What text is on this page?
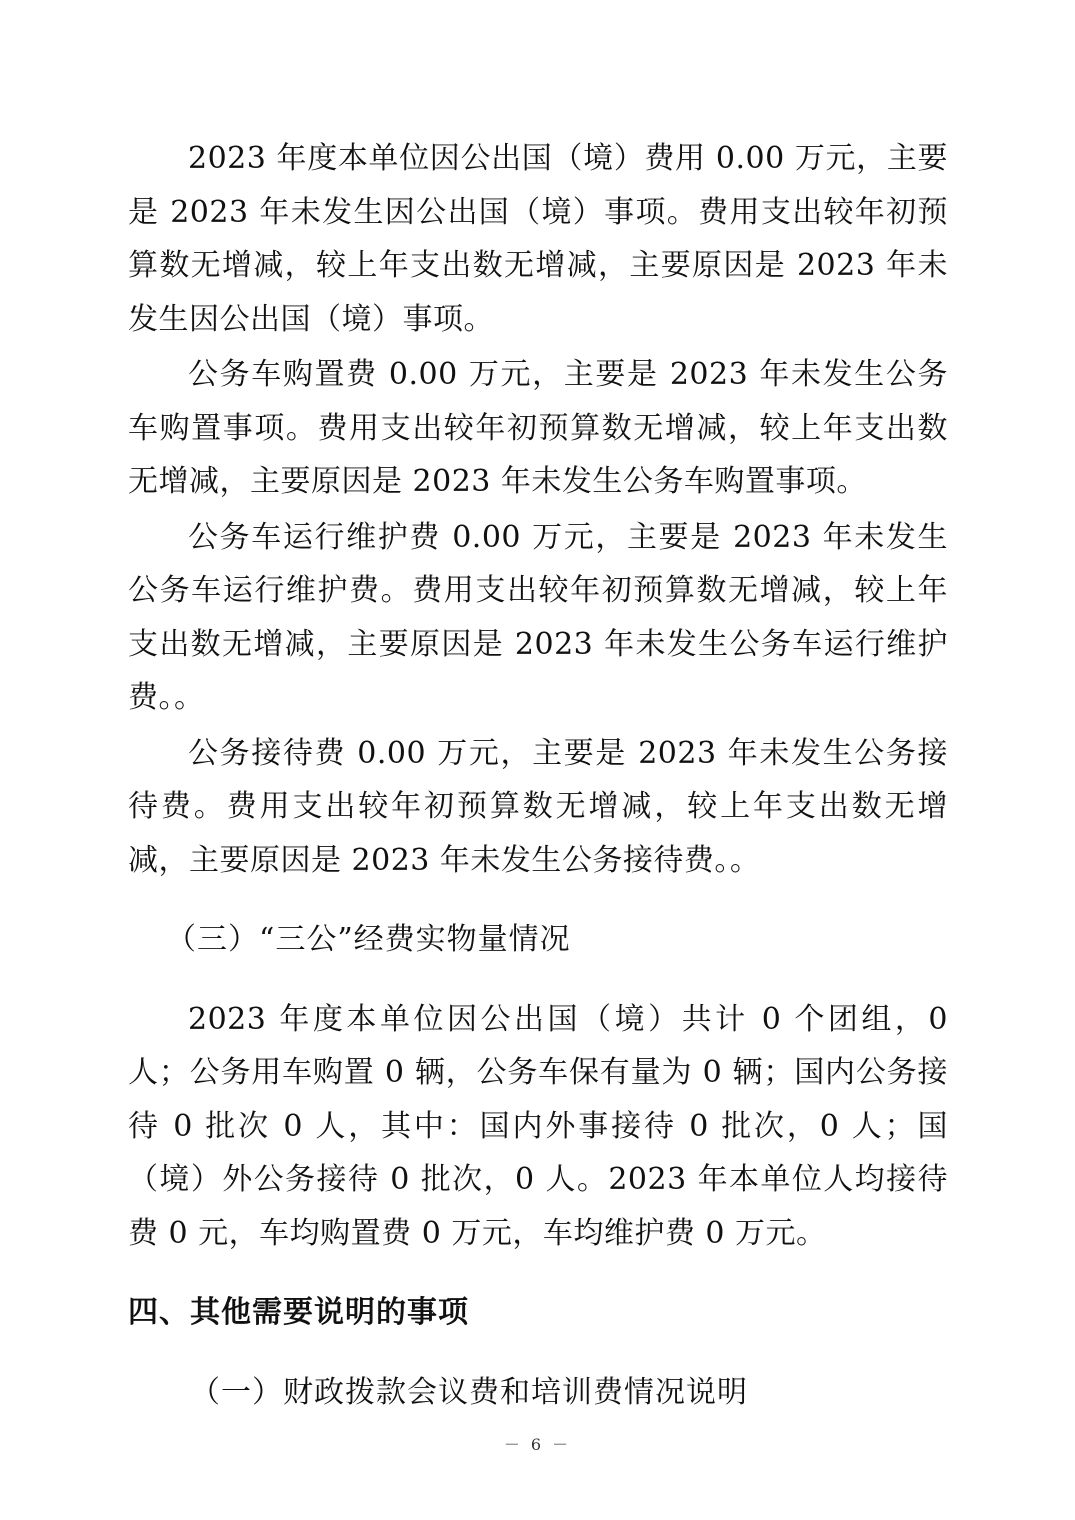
2023 年度本单位因公出国（境）费用 0.00 万元，主要是 2023 年未发生因公出国（境）事项。费用支出较年初预算数无增减，较上年支出数无增减，主要原因是 2023 年未发生因公出国（境）事项。

公务车购置费 0.00 万元，主要是 2023 年未发生公务车购置事项。费用支出较年初预算数无增减，较上年支出数无增减，主要原因是 2023 年未发生公务车购置事项。

公务车运行维护费 0.00 万元，主要是 2023 年未发生公务车运行维护费。费用支出较年初预算数无增减，较上年支出数无增减，主要原因是 2023 年未发生公务车运行维护费。。

公务接待费 0.00 万元，主要是 2023 年未发生公务接待费。费用支出较年初预算数无增减，较上年支出数无增减，主要原因是 2023 年未发生公务接待费。。

（三）“三公”经费实物量情况

2023 年度本单位因公出国（境）共计 0 个团组，0 人；公务用车购置 0 辆，公务车保有量为 0 辆；国内公务接待 0 批次 0 人，其中：国内外事接待 0 批次，0 人；国（境）外公务接待 0 批次，0 人。2023 年本单位人均接待费 0 元，车均购置费 0 万元，车均维护费 0 万元。

四、其他需要说明的事项

（一）财政拨款会议费和培训费情况说明

－ 6 －
